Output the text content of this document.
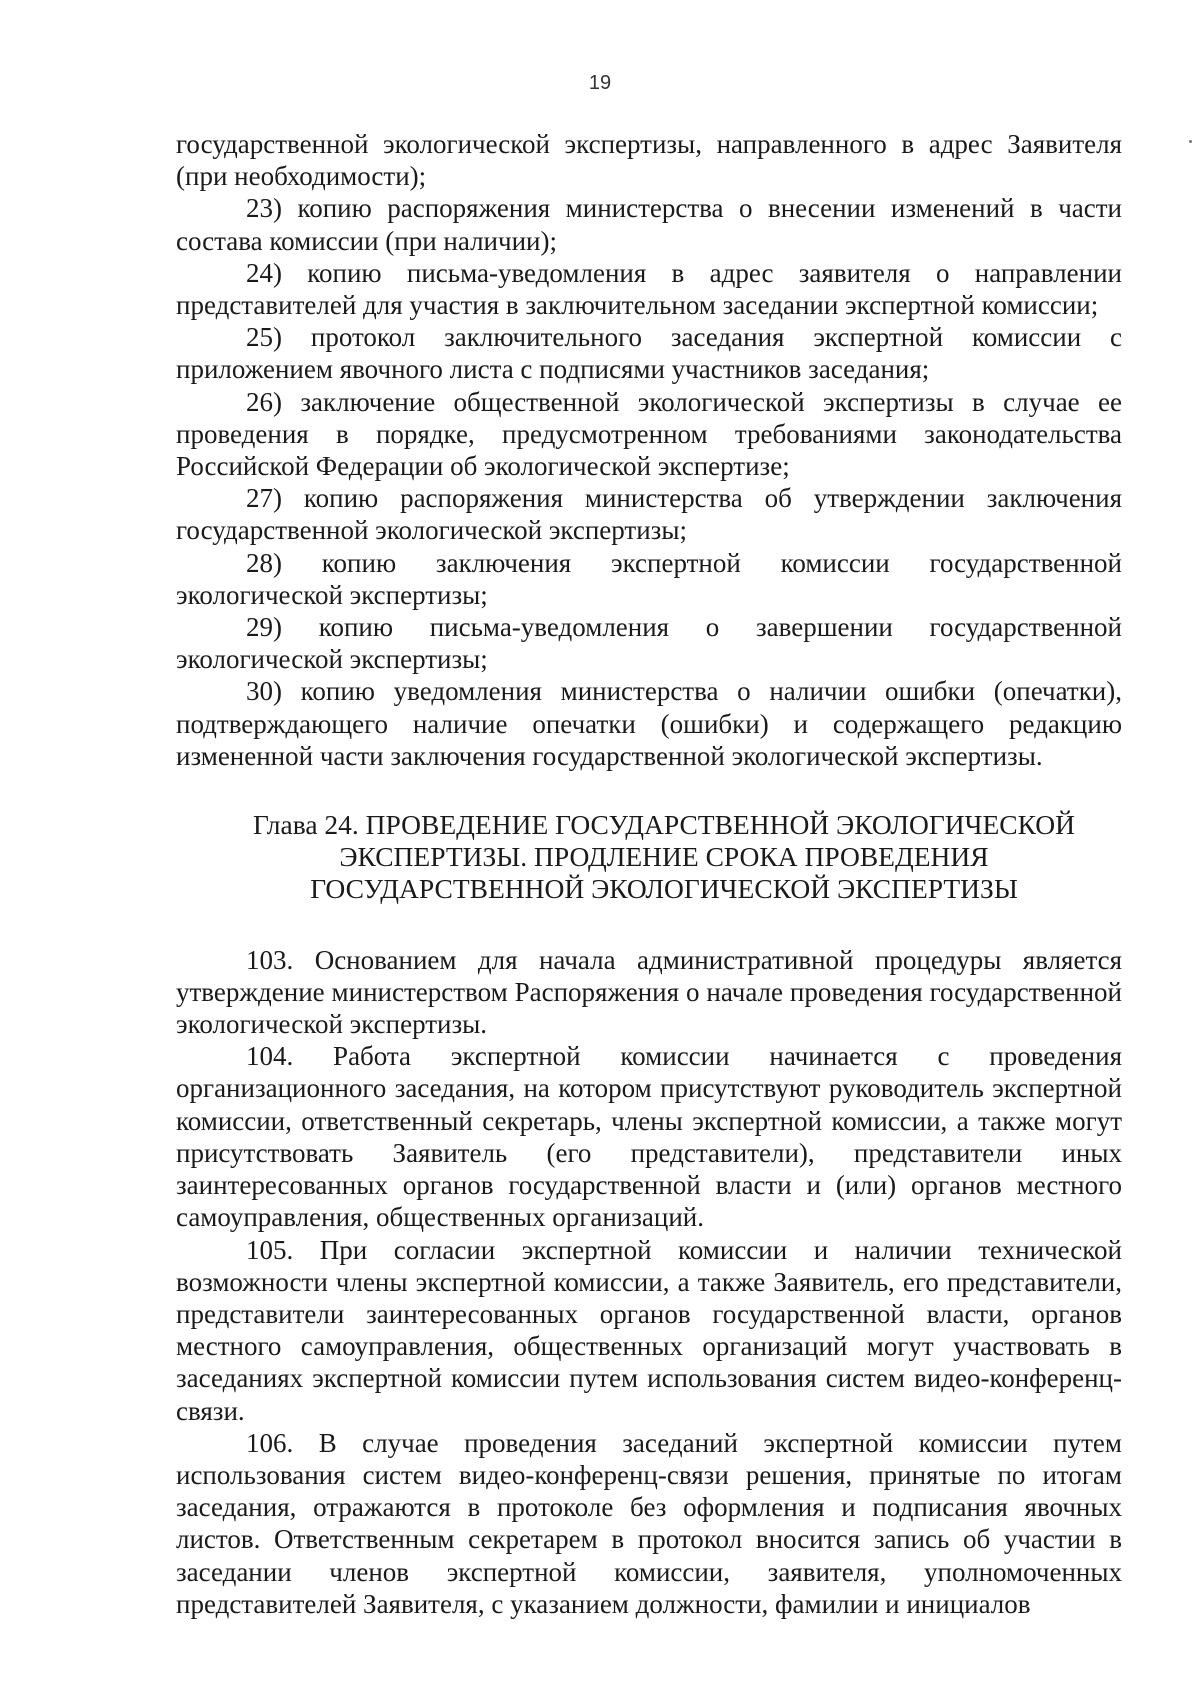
19

государственной экологической экспертизы, направленного в адрес Заявителя (при необходимости);

23) копию распоряжения министерства о внесении изменений в части состава комиссии (при наличии);

24) копию письма-уведомления в адрес заявителя о направлении представителей для участия в заключительном заседании экспертной комиссии;

25) протокол заключительного заседания экспертной комиссии с приложением явочного листа с подписями участников заседания;

26) заключение общественной экологической экспертизы в случае ее проведения в порядке, предусмотренном требованиями законодательства Российской Федерации об экологической экспертизе;

27) копию распоряжения министерства об утверждении заключения государственной экологической экспертизы;

28) копию заключения экспертной комиссии государственной экологической экспертизы;

29) копию письма-уведомления о завершении государственной экологической экспертизы;

30) копию уведомления министерства о наличии ошибки (опечатки), подтверждающего наличие опечатки (ошибки) и содержащего редакцию измененной части заключения государственной экологической экспертизы.

Глава 24. ПРОВЕДЕНИЕ ГОСУДАРСТВЕННОЙ ЭКОЛОГИЧЕСКОЙ
ЭКСПЕРТИЗЫ. ПРОДЛЕНИЕ СРОКА ПРОВЕДЕНИЯ
ГОСУДАРСТВЕННОЙ ЭКОЛОГИЧЕСКОЙ ЭКСПЕРТИЗЫ

103. Основанием для начала административной процедуры является утверждение министерством Распоряжения о начале проведения государственной экологической экспертизы.

104. Работа экспертной комиссии начинается с проведения организационного заседания, на котором присутствуют руководитель экспертной комиссии, ответственный секретарь, члены экспертной комиссии, а также могут присутствовать Заявитель (его представители), представители иных заинтересованных органов государственной власти и (или) органов местного самоуправления, общественных организаций.

105. При согласии экспертной комиссии и наличии технической возможности члены экспертной комиссии, а также Заявитель, его представители, представители заинтересованных органов государственной власти, органов местного самоуправления, общественных организаций могут участвовать в заседаниях экспертной комиссии путем использования систем видео-конференц-связи.

106. В случае проведения заседаний экспертной комиссии путем использования систем видео-конференц-связи решения, принятые по итогам заседания, отражаются в протоколе без оформления и подписания явочных листов. Ответственным секретарем в протокол вносится запись об участии в заседании членов экспертной комиссии, заявителя, уполномоченных представителей Заявителя, с указанием должности, фамилии и инициалов
